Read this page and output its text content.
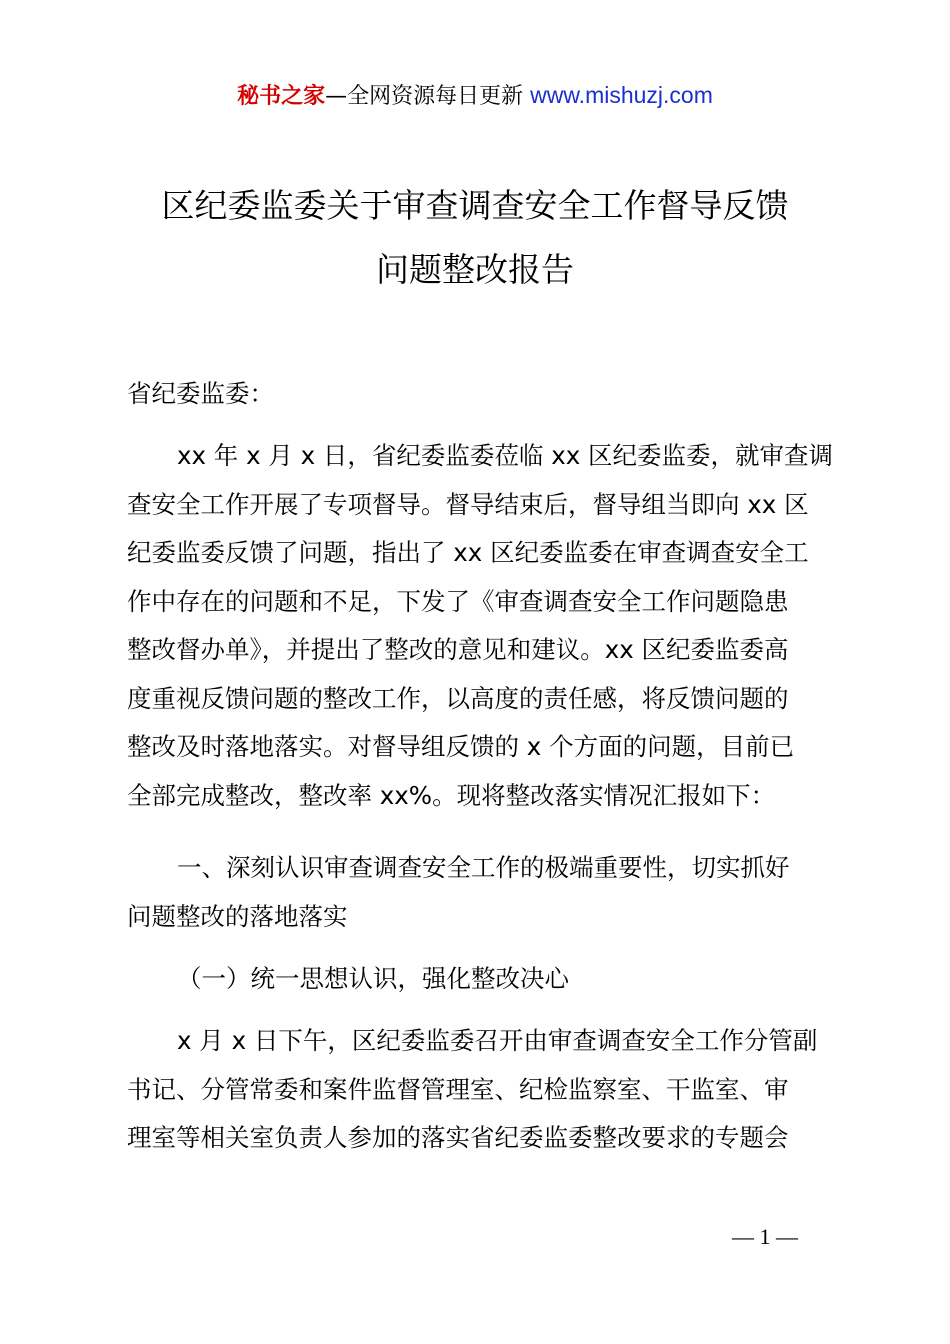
秘书之家—全网资源每日更新 www.mishuzj.com
区纪委监委关于审查调查安全工作督导反馈
问题整改报告
省纪委监委：
xx 年 x 月 x 日，省纪委监委莅临 xx 区纪委监委，就审查调
查安全工作开展了专项督导。督导结束后，督导组当即向 xx 区
纪委监委反馈了问题，指出了 xx 区纪委监委在审查调查安全工
作中存在的问题和不足，下发了《审查调查安全工作问题隐患
整改督办单》，并提出了整改的意见和建议。xx 区纪委监委高
度重视反馈问题的整改工作，以高度的责任感，将反馈问题的
整改及时落地落实。对督导组反馈的 x 个方面的问题，目前已
全部完成整改，整改率 xx%。现将整改落实情况汇报如下：
一、深刻认识审查调查安全工作的极端重要性，切实抓好
问题整改的落地落实
（一）统一思想认识，强化整改决心
x 月 x 日下午，区纪委监委召开由审查调查安全工作分管副
书记、分管常委和案件监督管理室、纪检监察室、干监室、审
理室等相关室负责人参加的落实省纪委监委整改要求的专题会
— 1 —
